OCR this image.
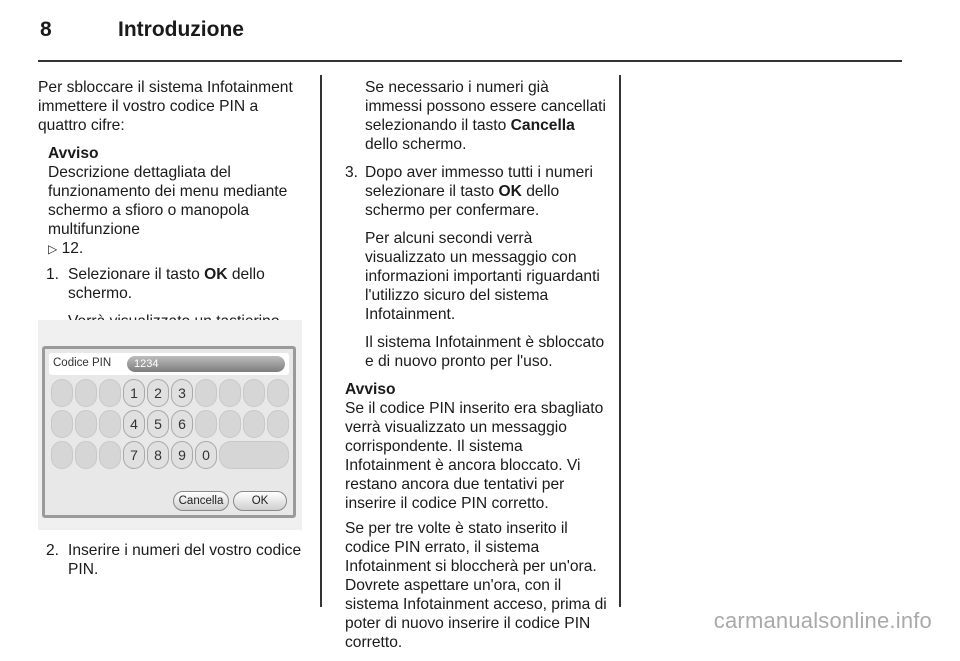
8	Introduzione

Per sbloccare il sistema Infotainment immettere il vostro codice PIN a quattro cifre:

Avviso
Descrizione dettagliata del funzionamento dei menu mediante schermo a sfioro o manopola multifunzione
▷ 12.
1. Selezionare il tasto OK dello schermo.
Codice PIN	1234
1	2	3
4	5	6
7	8	9	0
Cancella	OK
2. Inserire i numeri del vostro codice PIN.
Se necessario i numeri già immessi possono essere cancellati selezionando il tasto Cancella dello schermo.
3. Dopo aver immesso tutti i numeri selezionare il tasto OK dello schermo per confermare.
Per alcuni secondi verrà visualizzato un messaggio con informazioni importanti riguardanti l'utilizzo sicuro del sistema Infotainment.
Il sistema Infotainment è sbloccato e di nuovo pronto per l'uso.
Avviso
Se il codice PIN inserito era sbagliato verrà visualizzato un messaggio corrispondente. Il sistema Infotainment è ancora bloccato. Vi restano ancora due tentativi per inserire il codice PIN corretto.

Se per tre volte è stato inserito il codice PIN errato, il sistema Infotainment si bloccherà per un'ora. Dovrete aspettare un'ora, con il sistema Infotainment acceso, prima di poter di nuovo inserire il codice PIN corretto.

carmanualsonline.info
